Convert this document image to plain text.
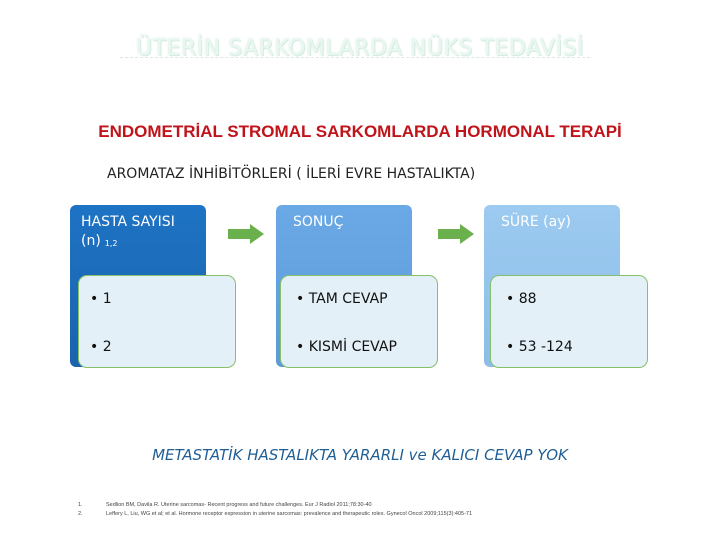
ÜTERİN SARKOMLARDA NÜKS TEDAVİSİ
ENDOMETRİAL STROMAL SARKOMLARDA HORMONAL TERAPİ
AROMATAZ İNHİBİTÖRLERİ ( İLERİ EVRE HASTALIKTA)
HASTA SAYISI
(n) $_{1,2}$
• 1
• 2
SONUÇ
• TAM CEVAP
• KISMİ CEVAP
SÜRE (ay)
• 88
• 53 -124
METASTATİK HASTALIKTA YARARLI ve KALICI CEVAP YOK
1.	Sedlion BM, Davila R. Uterine sarcomas- Recent progress and future challenges. Eur J Radiol 2011;78:30-40
2.	Leffery L, Liu, WG et al; et al. Hormone receptor expression in uterine sarcomas: prevalence and therapeutic roles. Gynecol Oncol 2009;115(3):405-71
